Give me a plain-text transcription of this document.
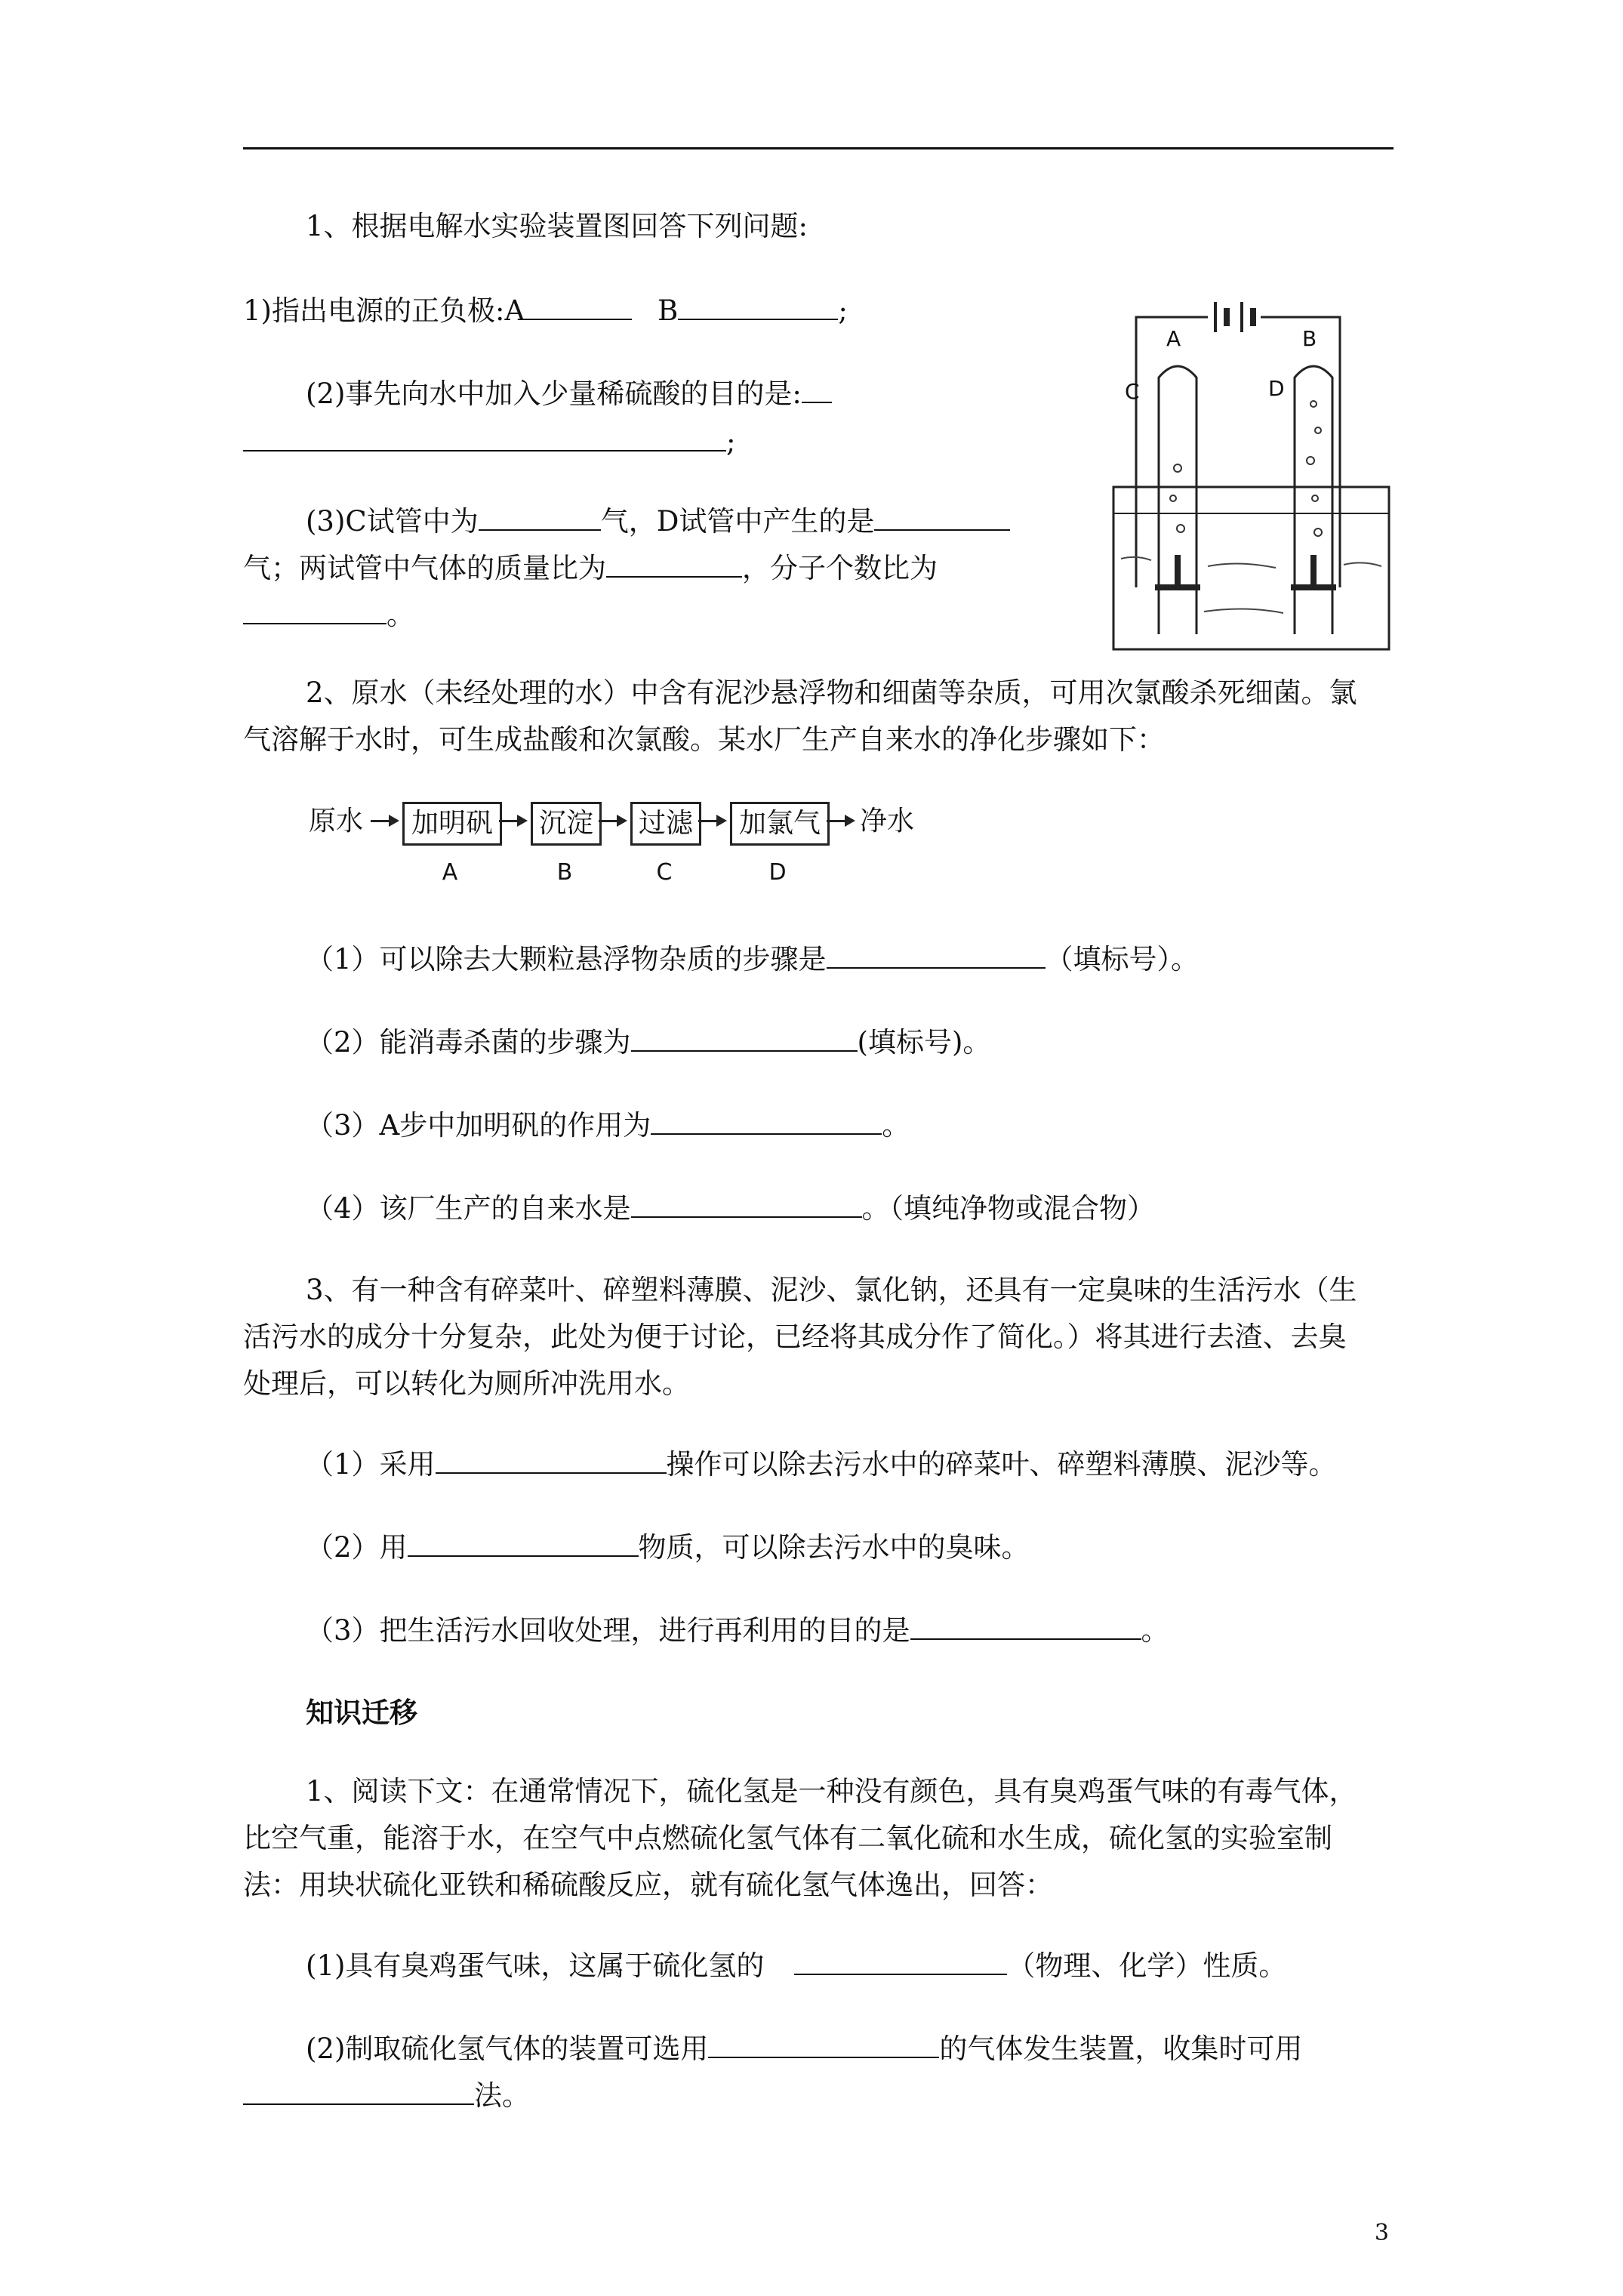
1、根据电解水实验装置图回答下列问题:
1)指出电源的正负极:A	B	;
(2)事先向水中加入少量稀硫酸的目的是:
;
(3)C试管中为	气，D试管中产生的是
气；两试管中气体的质量比为	，分子个数比为
。
A	B
C	D
2、原水（未经处理的水）中含有泥沙悬浮物和细菌等杂质，可用次氯酸杀死细菌。氯
气溶解于水时，可生成盐酸和次氯酸。某水厂生产自来水的净化步骤如下：
原水	加明矾	沉淀	过滤	加氯气	净水
A	B	C	D
（1）可以除去大颗粒悬浮物杂质的步骤是	（填标号）。
（2）能消毒杀菌的步骤为	(填标号)。
（3）A步中加明矾的作用为	。
（4）该厂生产的自来水是	。（填纯净物或混合物）
3、有一种含有碎菜叶、碎塑料薄膜、泥沙、氯化钠，还具有一定臭味的生活污水（生
活污水的成分十分复杂，此处为便于讨论，已经将其成分作了简化。）将其进行去渣、去臭
处理后，可以转化为厕所冲洗用水。
（1）采用	操作可以除去污水中的碎菜叶、碎塑料薄膜、泥沙等。
（2）用	物质，可以除去污水中的臭味。
（3）把生活污水回收处理，进行再利用的目的是	。
知识迁移
1、阅读下文：在通常情况下，硫化氢是一种没有颜色，具有臭鸡蛋气味的有毒气体，
比空气重，能溶于水，在空气中点燃硫化氢气体有二氧化硫和水生成，硫化氢的实验室制
法：用块状硫化亚铁和稀硫酸反应，就有硫化氢气体逸出，回答：
(1)具有臭鸡蛋气味，这属于硫化氢的	（物理、化学）性质。
(2)制取硫化氢气体的装置可选用	的气体发生装置，收集时可用
法。
3
